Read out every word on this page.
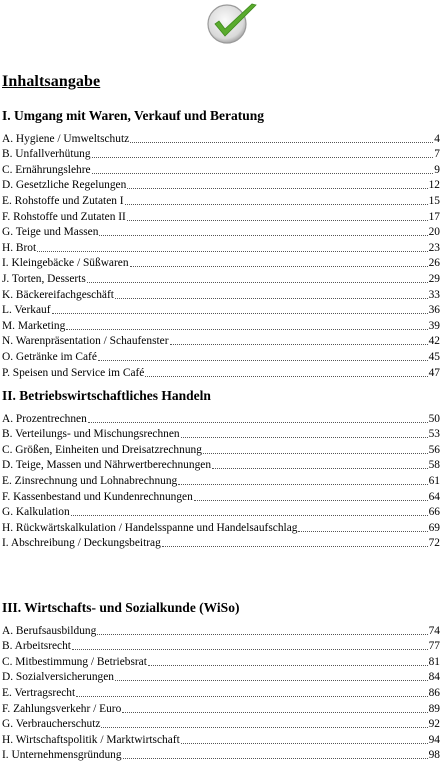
Inhaltsangabe
I. Umgang mit Waren, Verkauf und Beratung
A. Hygiene / Umweltschutz	4
B. Unfallverhütung	7
C. Ernährungslehre	9
D. Gesetzliche Regelungen	12
E. Rohstoffe und Zutaten I	15
F. Rohstoffe und Zutaten II	17
G. Teige und Massen	20
H. Brot	23
I. Kleingebäcke / Süßwaren	26
J. Torten, Desserts	29
K. Bäckereifachgeschäft	33
L. Verkauf	36
M. Marketing	39
N. Warenpräsentation / Schaufenster	42
O. Getränke im Café	45
P. Speisen und Service im Café	47
II. Betriebswirtschaftliches Handeln
A. Prozentrechnen	50
B. Verteilungs- und Mischungsrechnen	53
C. Größen, Einheiten und Dreisatzrechnung	56
D. Teige, Massen und Nährwertberechnungen	58
E. Zinsrechnung und Lohnabrechnung	61
F. Kassenbestand und Kundenrechnungen	64
G. Kalkulation	66
H. Rückwärtskalkulation / Handelsspanne und Handelsaufschlag	69
I. Abschreibung / Deckungsbeitrag	72
III. Wirtschafts- und Sozialkunde (WiSo)
A. Berufsausbildung	74
B. Arbeitsrecht	77
C. Mitbestimmung / Betriebsrat	81
D. Sozialversicherungen	84
E. Vertragsrecht	86
F. Zahlungsverkehr / Euro	89
G. Verbraucherschutz	92
H. Wirtschaftspolitik / Marktwirtschaft	94
I. Unternehmensgründung	98
